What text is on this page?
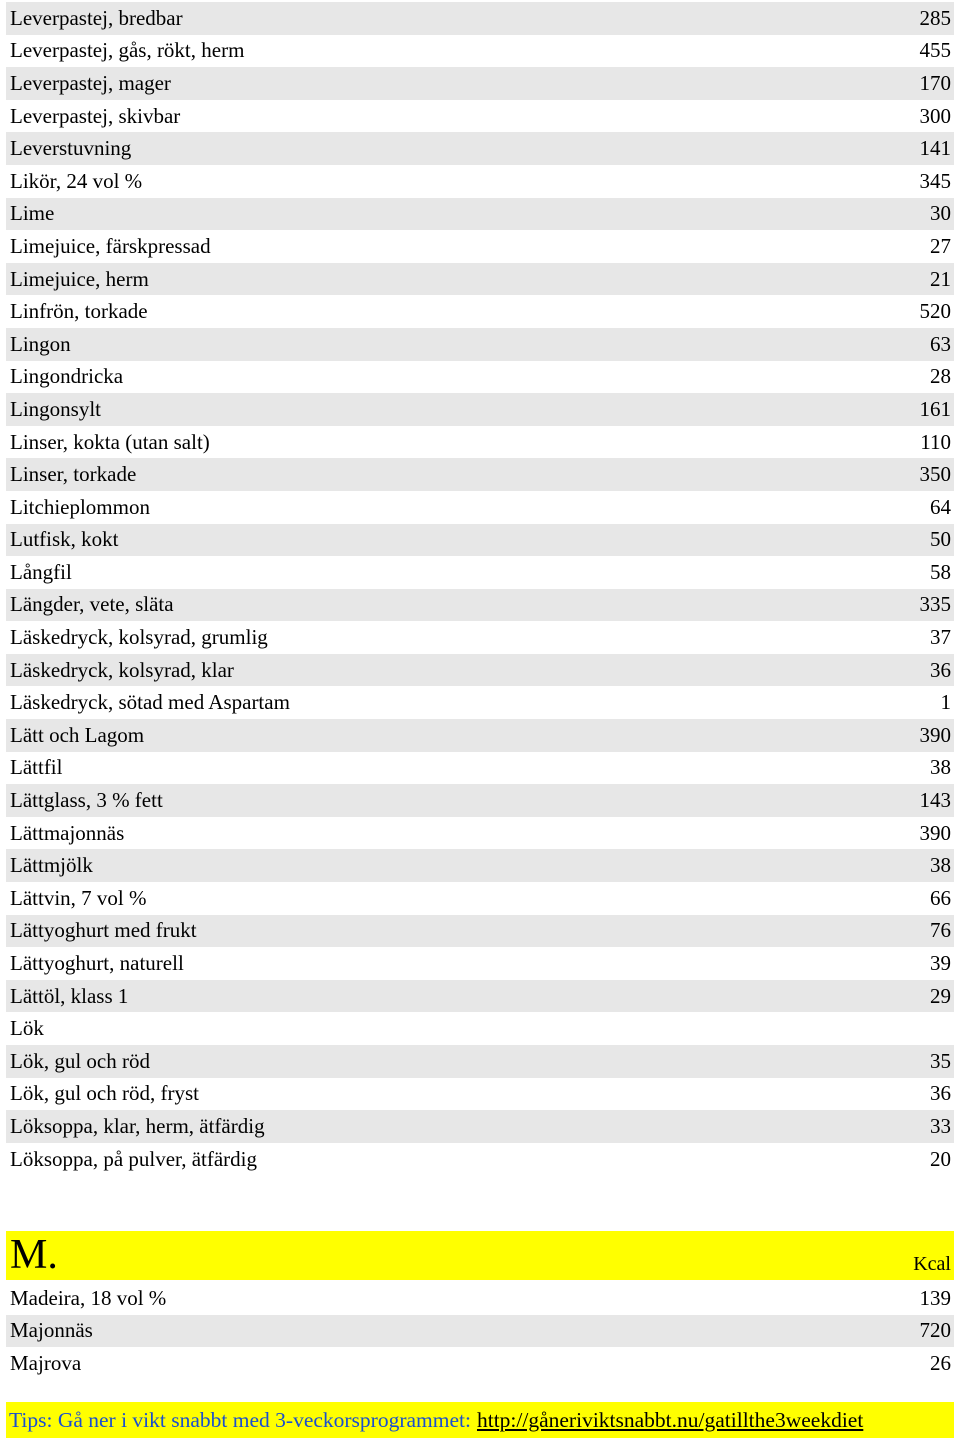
Leverpastej, bredbar	285
Leverpastej, gås, rökt, herm	455
Leverpastej, mager	170
Leverpastej, skivbar	300
Leverstuvning	141
Likör, 24 vol %	345
Lime	30
Limejuice, färskpressad	27
Limejuice, herm	21
Linfrön, torkade	520
Lingon	63
Lingondricka	28
Lingonsylt	161
Linser, kokta (utan salt)	110
Linser, torkade	350
Litchieplommon	64
Lutfisk, kokt	50
Långfil	58
Längder, vete, släta	335
Läskedryck, kolsyrad, grumlig	37
Läskedryck, kolsyrad, klar	36
Läskedryck, sötad med Aspartam	1
Lätt och Lagom	390
Lättfil	38
Lättglass, 3 % fett	143
Lättmajonnäs	390
Lättmjölk	38
Lättvin, 7 vol %	66
Lättyoghurt med frukt	76
Lättyoghurt, naturell	39
Lättöl, klass 1	29
Lök
Lök, gul och röd	35
Lök, gul och röd, fryst	36
Löksoppa, klar, herm, ätfärdig	33
Löksoppa, på pulver, ätfärdig	20
M.	Kcal
Madeira, 18 vol %	139
Majonnäs	720
Majrova	26
Tips: Gå ner i vikt snabbt med 3-veckorsprogrammet: http://gåneriviktsnabbt.nu/gatillthe3weekdiet
